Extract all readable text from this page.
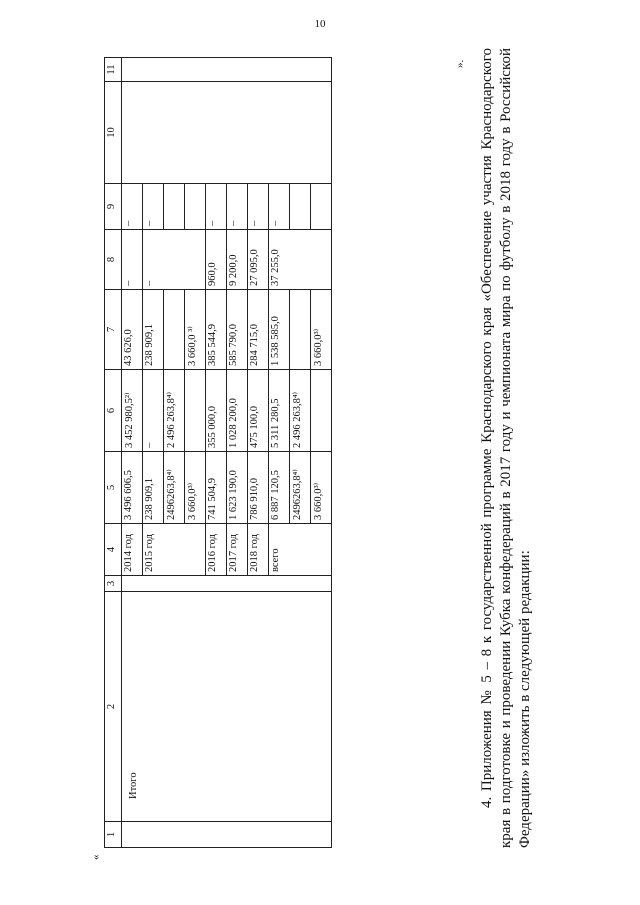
10
«
1	2	3	4	5	6	7	8	9	10	11
	Итого		2014 год	3 496 606,5	3 452 980,5²⁾	43 626,0	–	–		
			2015 год	238 909,1	–	238 909,1	–	–		
				2496263,8⁴⁾	2 496 263,8⁴⁾					
				3 660,0³⁾		3 660,0 ³⁾				
			2016 год	741 504,9	355 000,0	385 544,9	960,0	–		
			2017 год	1 623 190,0	1 028 200,0	585 790,0	9 200,0	–		
			2018 год	786 910,0	475 100,0	284 715,0	27 095,0	–		
			всего	6 887 120,5	5 311 280,5	1 538 585,0	37 255,0	–		
				2496263,8⁴⁾	2 496 263,8⁴⁾					
				3 660,0³⁾		3 660,0³⁾				
». 4. Приложения № 5 – 8 к государственной программе Краснодарского края «Обеспечение участия Краснодарского края в подготовке и проведении Кубка конфедераций в 2017 году и чемпионата мира по футболу в 2018 году в Российской Федерации» изложить в следующей редакции:
